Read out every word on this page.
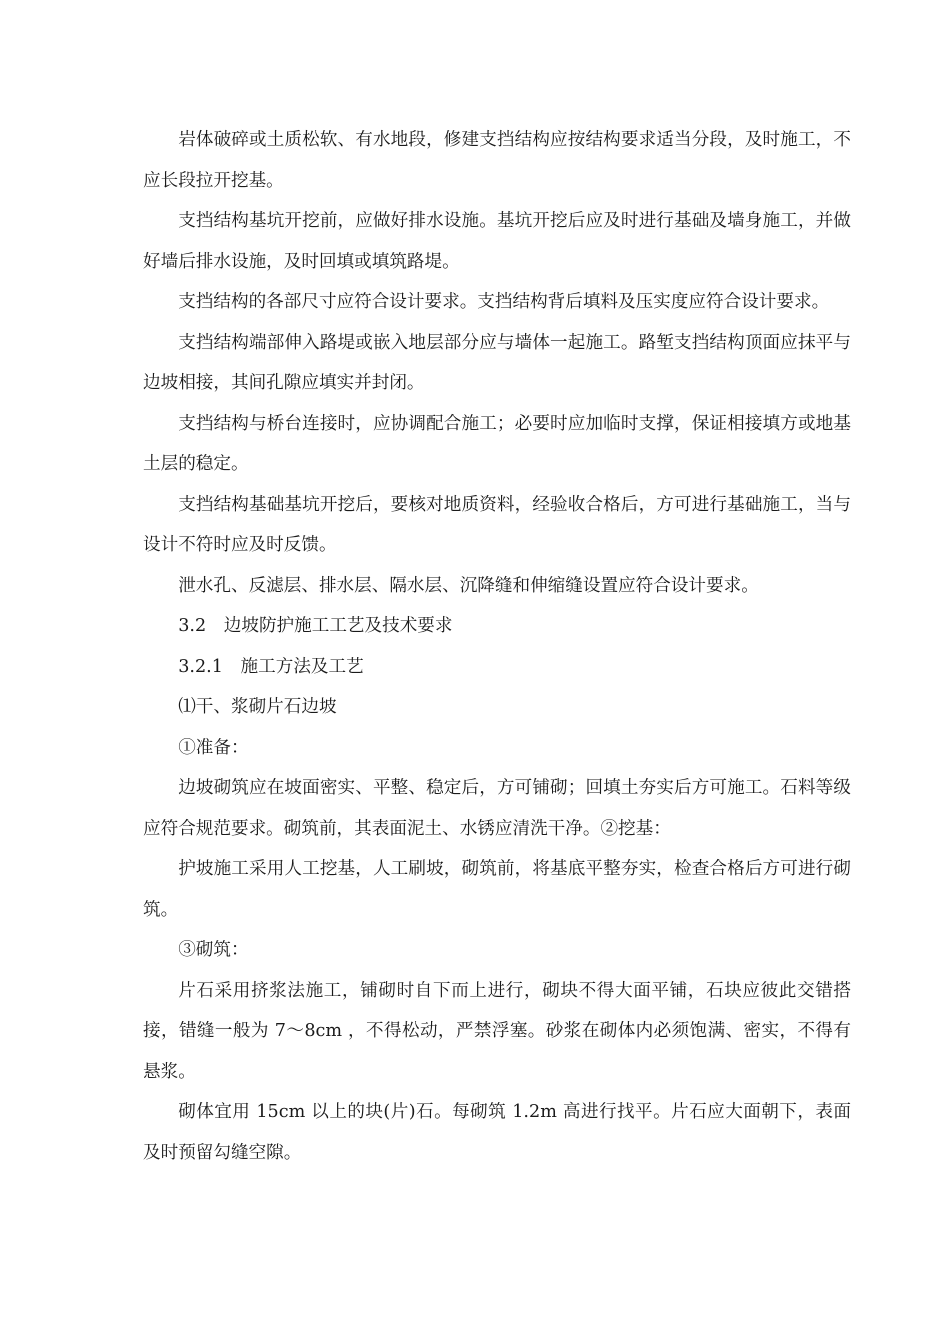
岩体破碎或土质松软、有水地段，修建支挡结构应按结构要求适当分段，及时施工，不应长段拉开挖基。

支挡结构基坑开挖前，应做好排水设施。基坑开挖后应及时进行基础及墙身施工，并做好墙后排水设施，及时回填或填筑路堤。

支挡结构的各部尺寸应符合设计要求。支挡结构背后填料及压实度应符合设计要求。

支挡结构端部伸入路堤或嵌入地层部分应与墙体一起施工。路堑支挡结构顶面应抹平与边坡相接，其间孔隙应填实并封闭。

支挡结构与桥台连接时，应协调配合施工；必要时应加临时支撑，保证相接填方或地基土层的稳定。

支挡结构基础基坑开挖后，要核对地质资料，经验收合格后，方可进行基础施工，当与设计不符时应及时反馈。

泄水孔、反滤层、排水层、隔水层、沉降缝和伸缩缝设置应符合设计要求。

3.2　边坡防护施工工艺及技术要求

3.2.1　施工方法及工艺

⑴干、浆砌片石边坡

①准备：

边坡砌筑应在坡面密实、平整、稳定后，方可铺砌；回填土夯实后方可施工。石料等级应符合规范要求。砌筑前，其表面泥土、水锈应清洗干净。②挖基：

护坡施工采用人工挖基，人工刷坡，砌筑前，将基底平整夯实，检查合格后方可进行砌筑。

③砌筑：

片石采用挤浆法施工，铺砌时自下而上进行，砌块不得大面平铺，石块应彼此交错搭接，错缝一般为 7～8cm ，不得松动，严禁浮塞。砂浆在砌体内必须饱满、密实，不得有悬浆。

砌体宜用 15cm 以上的块(片)石。每砌筑 1.2m 高进行找平。片石应大面朝下，表面及时预留勾缝空隙。
